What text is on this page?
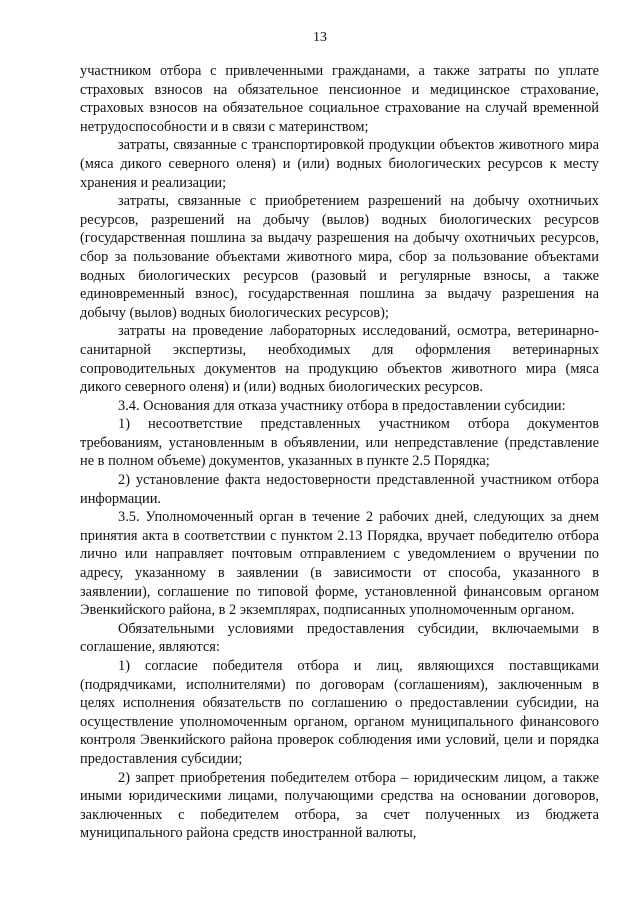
13

участником отбора с привлеченными гражданами, а также затраты по уплате страховых взносов на обязательное пенсионное и медицинское страхование, страховых взносов на обязательное социальное страхование на случай временной нетрудоспособности и в связи с материнством;

затраты, связанные с транспортировкой продукции объектов животного мира (мяса дикого северного оленя) и (или) водных биологических ресурсов к месту хранения и реализации;

затраты, связанные с приобретением разрешений на добычу охотничьих ресурсов, разрешений на добычу (вылов) водных биологических ресурсов (государственная пошлина за выдачу разрешения на добычу охотничьих ресурсов, сбор за пользование объектами животного мира, сбор за пользование объектами водных биологических ресурсов (разовый и регулярные взносы, а также единовременный взнос), государственная пошлина за выдачу разрешения на добычу (вылов) водных биологических ресурсов);

затраты на проведение лабораторных исследований, осмотра, ветеринарно-санитарной экспертизы, необходимых для оформления ветеринарных сопроводительных документов на продукцию объектов животного мира (мяса дикого северного оленя) и (или) водных биологических ресурсов.

3.4. Основания для отказа участнику отбора в предоставлении субсидии:

1) несоответствие представленных участником отбора документов требованиям, установленным в объявлении, или непредставление (представление не в полном объеме) документов, указанных в пункте 2.5 Порядка;

2) установление факта недостоверности представленной участником отбора информации.

3.5. Уполномоченный орган в течение 2 рабочих дней, следующих за днем принятия акта в соответствии с пунктом 2.13 Порядка, вручает победителю отбора лично или направляет почтовым отправлением с уведомлением о вручении по адресу, указанному в заявлении (в зависимости от способа, указанного в заявлении), соглашение по типовой форме, установленной финансовым органом Эвенкийского района, в 2 экземплярах, подписанных уполномоченным органом.

Обязательными условиями предоставления субсидии, включаемыми в соглашение, являются:

1) согласие победителя отбора и лиц, являющихся поставщиками (подрядчиками, исполнителями) по договорам (соглашениям), заключенным в целях исполнения обязательств по соглашению о предоставлении субсидии, на осуществление уполномоченным органом, органом муниципального финансового контроля Эвенкийского района проверок соблюдения ими условий, цели и порядка предоставления субсидии;

2) запрет приобретения победителем отбора – юридическим лицом, а также иными юридическими лицами, получающими средства на основании договоров, заключенных с победителем отбора, за счет полученных из бюджета муниципального района средств иностранной валюты,
